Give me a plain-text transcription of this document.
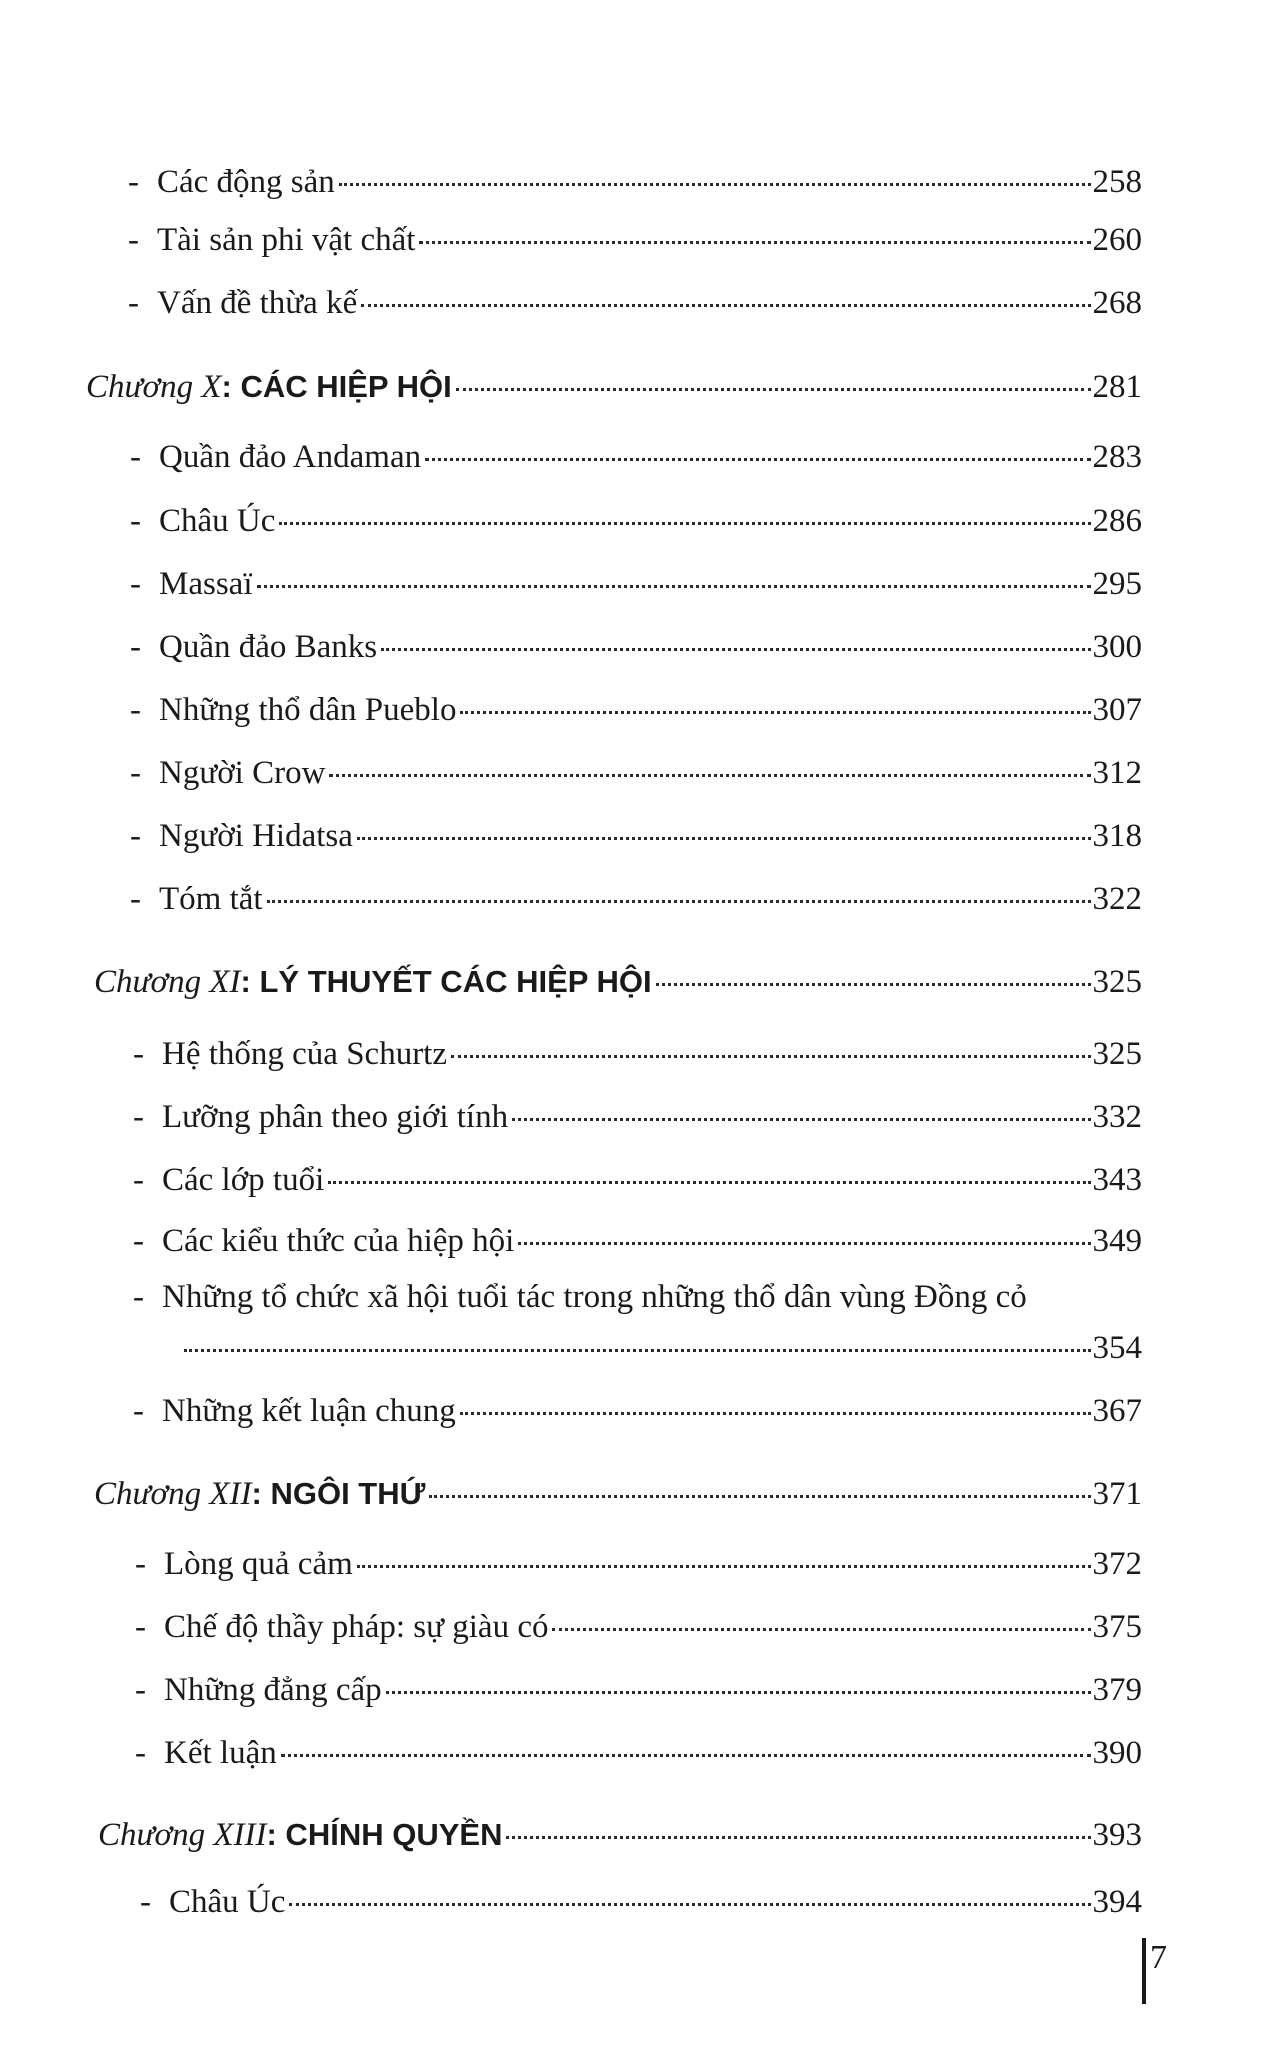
- Các động sản	258
- Tài sản phi vật chất	260
- Vấn đề thừa kế	268
Chương X : CÁC HIỆP HỘI	281
- Quần đảo Andaman	283
- Châu Úc	286
- Massaï	295
- Quần đảo Banks	300
- Những thổ dân Pueblo	307
- Người Crow	312
- Người Hidatsa	318
- Tóm tắt	322
Chương XI : LÝ THUYẾT CÁC HIỆP HỘI	325
- Hệ thống của Schurtz	325
- Lưỡng phân theo giới tính	332
- Các lớp tuổi	343
- Các kiểu thức của hiệp hội	349
- Những tổ chức xã hội tuổi tác trong những thổ dân vùng Đồng cỏ
354
- Những kết luận chung	367
Chương XII : NGÔI THỨ	371
- Lòng quả cảm	372
- Chế độ thầy pháp: sự giàu có	375
- Những đẳng cấp	379
- Kết luận	390
Chương XIII : CHÍNH QUYỀN	393
- Châu Úc	394
7
